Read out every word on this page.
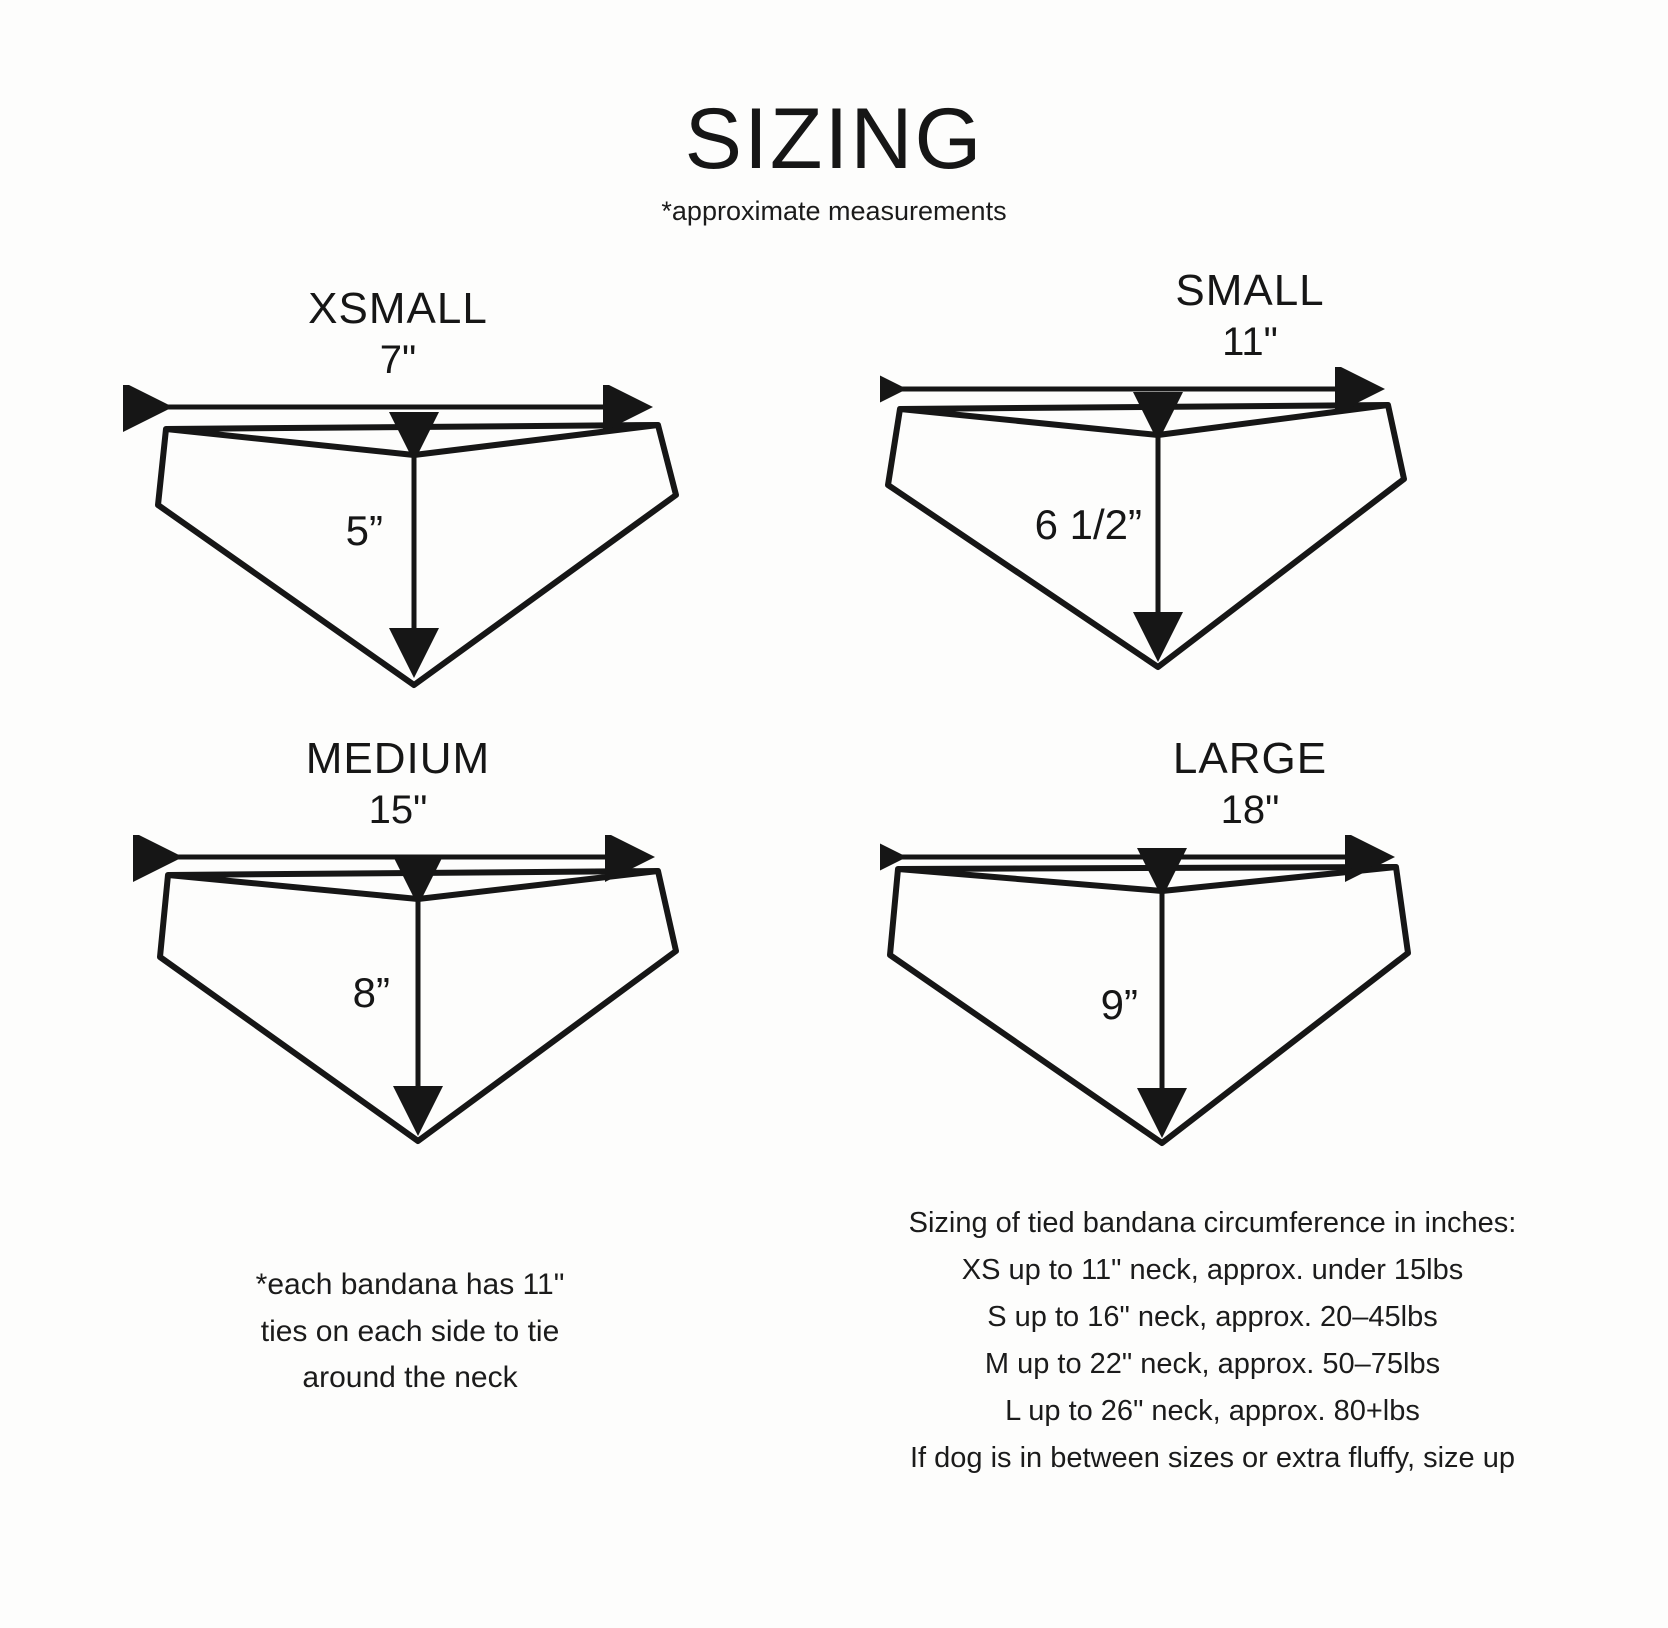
SIZING
*approximate measurements
XSMALL
7"
5”
SMALL
11"
6 1/2”
MEDIUM
15"
8”
LARGE
18"
9”
*each bandana has 11"
ties on each side to tie
around the neck
Sizing of tied bandana circumference in inches:
XS up to 11" neck, approx. under 15lbs
S up to 16" neck, approx. 20–45lbs
M up to 22" neck, approx. 50–75lbs
L up to 26" neck, approx. 80+lbs
If dog is in between sizes or extra fluffy, size up
